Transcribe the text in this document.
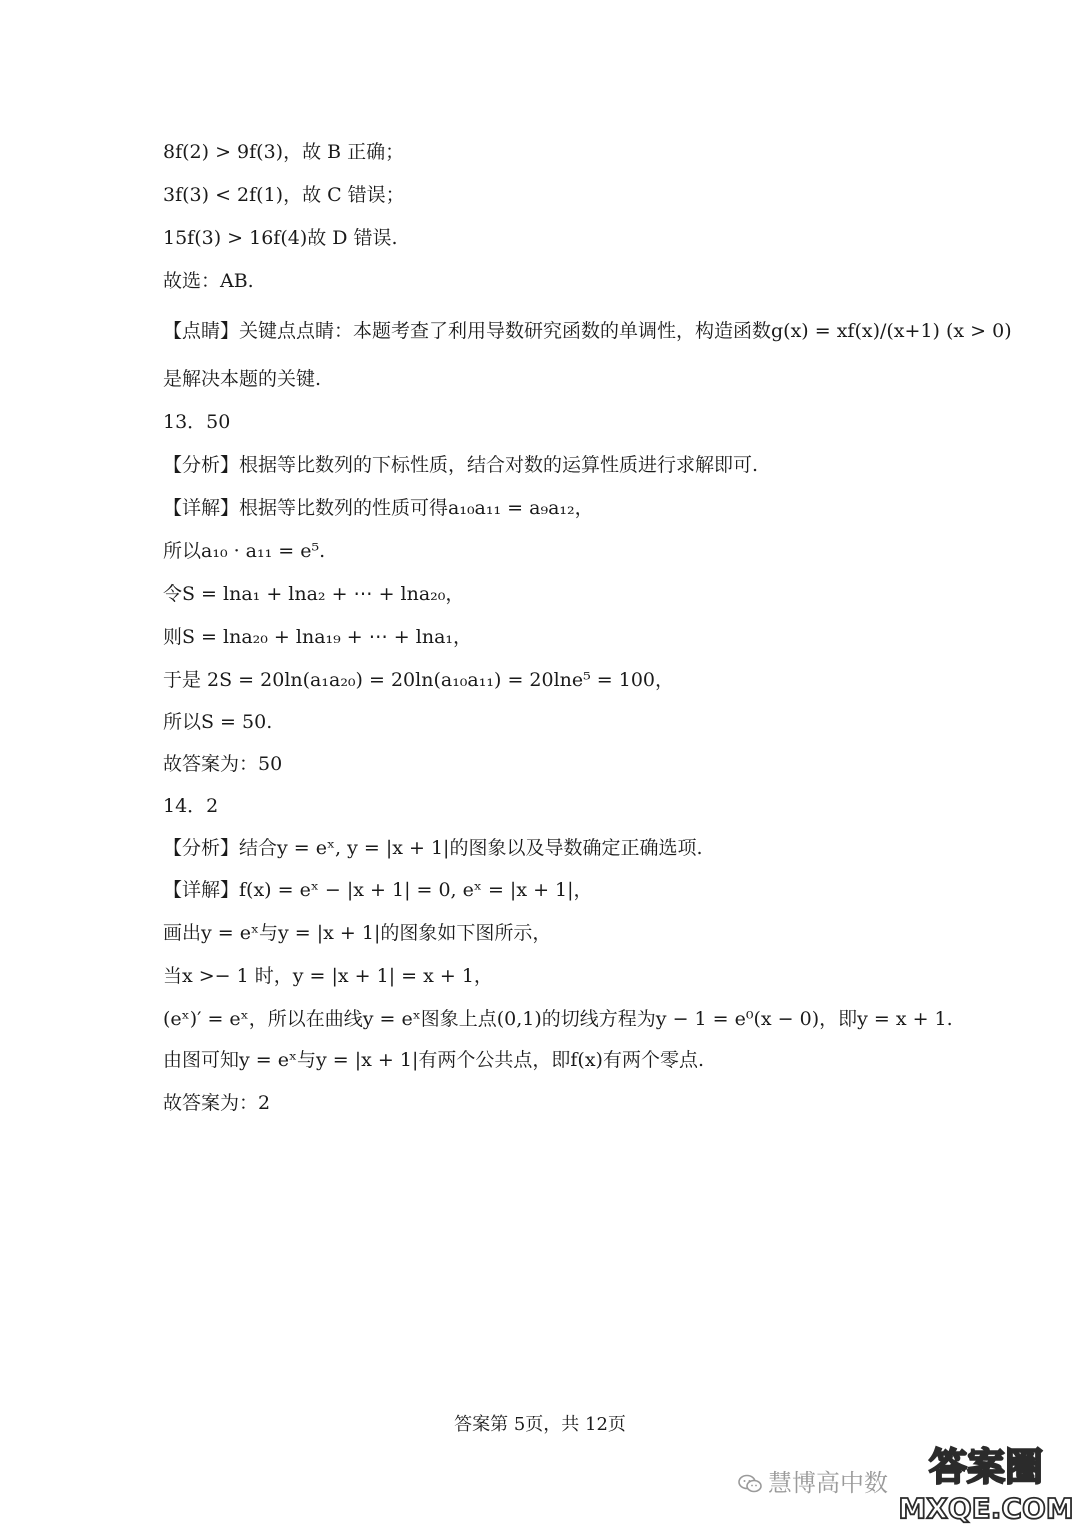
8f(2) > 9f(3)，故 B 正确；
3f(3) < 2f(1)，故 C 错误；
15f(3) > 16f(4)故 D 错误.
故选：AB.
【点睛】关键点点睛：本题考查了利用导数研究函数的单调性，构造函数g(x) = xf(x)/(x+1) (x > 0)
是解决本题的关键.
13．50
【分析】根据等比数列的下标性质，结合对数的运算性质进行求解即可.
【详解】根据等比数列的性质可得a₁₀a₁₁ = a₉a₁₂，
所以a₁₀ · a₁₁ = e⁵.
令S = lna₁ + lna₂ + ⋯ + lna₂₀，
则S = lna₂₀ + lna₁₉ + ⋯ + lna₁，
于是 2S = 20ln(a₁a₂₀) = 20ln(a₁₀a₁₁) = 20lne⁵ = 100，
所以S = 50.
故答案为：50
14．2
【分析】结合y = eˣ, y = |x + 1|的图象以及导数确定正确选项.
【详解】f(x) = eˣ − |x + 1| = 0, eˣ = |x + 1|，
画出y = eˣ与y = |x + 1|的图象如下图所示，
当x >− 1 时，y = |x + 1| = x + 1，
(eˣ)′ = eˣ，所以在曲线y = eˣ图象上点(0,1)的切线方程为y − 1 = e⁰(x − 0)，即y = x + 1.
由图可知y = eˣ与y = |x + 1|有两个公共点，即f(x)有两个零点.
故答案为：2
答案第 5页，共 12页
慧博高中数 答案圈
MXQE.COM
